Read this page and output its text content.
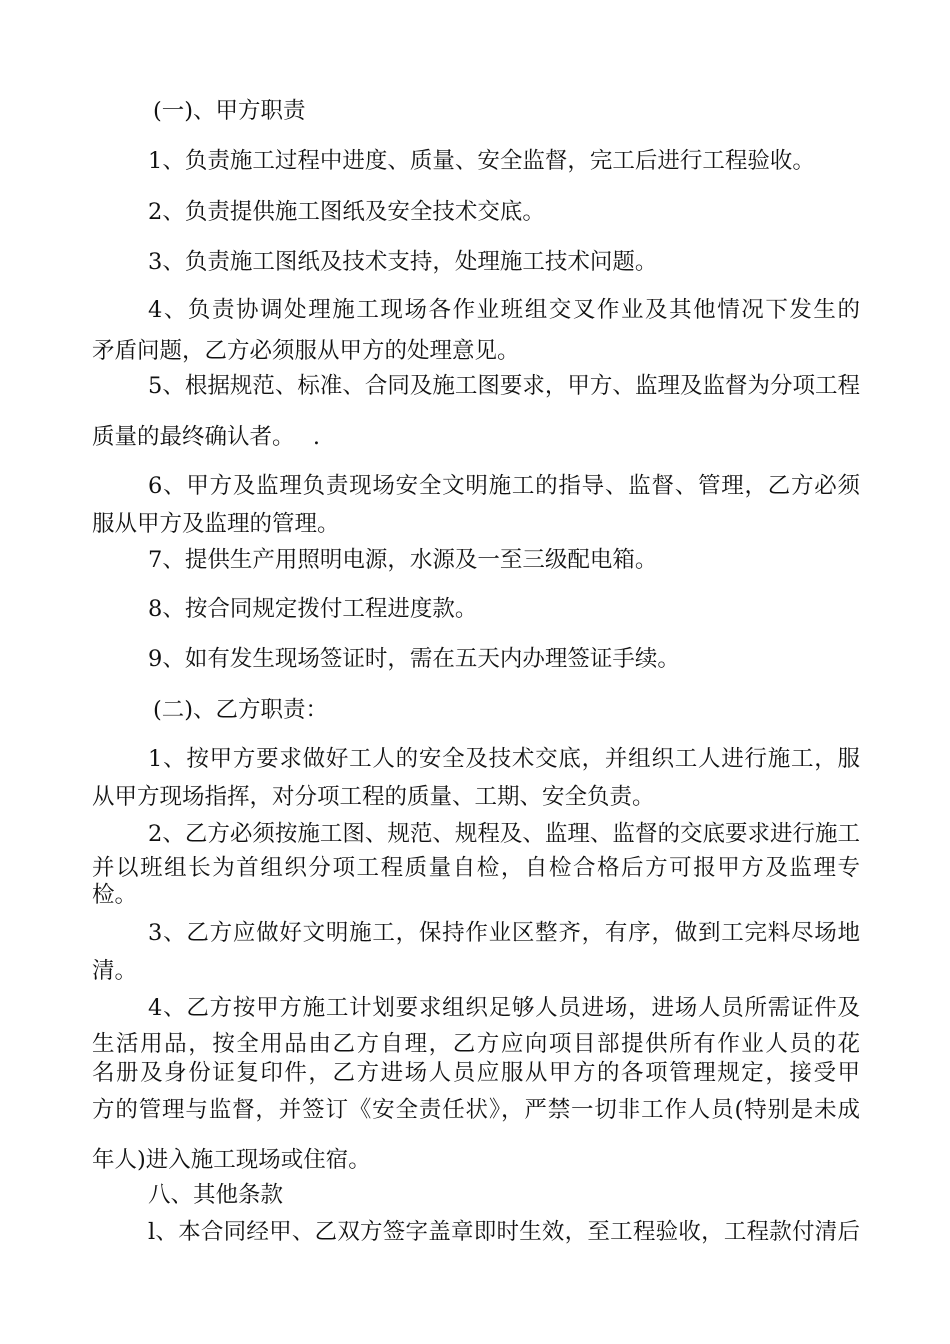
(一)、甲方职责
1、负责施工过程中进度、质量、安全监督，完工后进行工程验收。
2、负责提供施工图纸及安全技术交底。
3、负责施工图纸及技术支持，处理施工技术问题。
4、负责协调处理施工现场各作业班组交叉作业及其他情况下发生的
矛盾问题，乙方必须服从甲方的处理意见。
5、根据规范、标准、合同及施工图要求，甲方、监理及监督为分项工程
质量的最终确认者。　 .
6、甲方及监理负责现场安全文明施工的指导、监督、管理，乙方必须
服从甲方及监理的管理。
7、提供生产用照明电源，水源及一至三级配电箱。
8、按合同规定拨付工程进度款。
9、如有发生现场签证时，需在五天内办理签证手续。
(二)、乙方职责：
1、按甲方要求做好工人的安全及技术交底，并组织工人进行施工，服
从甲方现场指挥，对分项工程的质量、工期、安全负责。
2、乙方必须按施工图、规范、规程及、监理、监督的交底要求进行施工
并以班组长为首组织分项工程质量自检，自检合格后方可报甲方及监理专
检。
3、乙方应做好文明施工，保持作业区整齐，有序，做到工完料尽场地
清。
4、乙方按甲方施工计划要求组织足够人员进场，进场人员所需证件及
生活用品，按全用品由乙方自理，乙方应向项目部提供所有作业人员的花
名册及身份证复印件，乙方进场人员应服从甲方的各项管理规定，接受甲
方的管理与监督，并签订《安全责任状》，严禁一切非工作人员(特别是未成
年人)进入施工现场或住宿。
八、其他条款
l、本合同经甲、乙双方签字盖章即时生效，至工程验收，工程款付清后
